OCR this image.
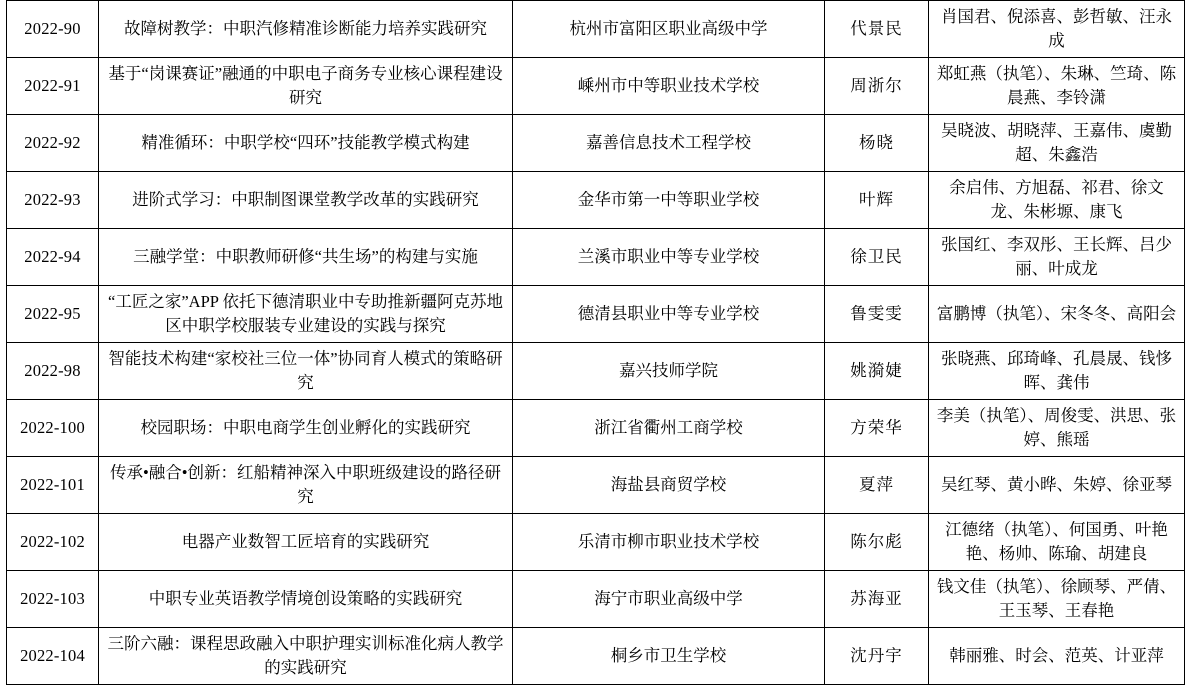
2022-90	故障树教学：中职汽修精准诊断能力培养实践研究	杭州市富阳区职业高级中学	代景民	肖国君、倪添喜、彭哲敏、汪永成
2022-91	基于“岗课赛证”融通的中职电子商务专业核心课程建设研究	嵊州市中等职业技术学校	周浙尔	郑虹燕（执笔）、朱琳、竺琦、陈晨燕、李铃潇
2022-92	精准循环：中职学校“四环”技能教学模式构建	嘉善信息技术工程学校	杨晓	吴晓波、胡晓萍、王嘉伟、虞勤超、朱鑫浩
2022-93	进阶式学习：中职制图课堂教学改革的实践研究	金华市第一中等职业学校	叶辉	余启伟、方旭磊、祁君、徐文龙、朱彬塬、康飞
2022-94	三融学堂：中职教师研修“共生场”的构建与实施	兰溪市职业中等专业学校	徐卫民	张国红、李双彤、王长辉、吕少丽、叶成龙
2022-95	“工匠之家”APP 依托下德清职业中专助推新疆阿克苏地区中职学校服装专业建设的实践与探究	德清县职业中等专业学校	鲁雯雯	富鹏博（执笔）、宋冬冬、高阳会
2022-98	智能技术构建“家校社三位一体”协同育人模式的策略研究	嘉兴技师学院	姚漪婕	张晓燕、邱琦峰、孔晨晟、钱恀晖、龚伟
2022-100	校园职场：中职电商学生创业孵化的实践研究	浙江省衢州工商学校	方荣华	李美（执笔）、周俊雯、洪思、张婷、熊瑶
2022-101	传承•融合•创新：红船精神深入中职班级建设的路径研究	海盐县商贸学校	夏萍	吴红琴、黄小晔、朱婷、徐亚琴
2022-102	电器产业数智工匠培育的实践研究	乐清市柳市职业技术学校	陈尔彪	江德绪（执笔）、何国勇、叶艳艳、杨帅、陈瑜、胡建良
2022-103	中职专业英语教学情境创设策略的实践研究	海宁市职业高级中学	苏海亚	钱文佳（执笔）、徐顾琴、严倩、王玉琴、王春艳
2022-104	三阶六融：课程思政融入中职护理实训标准化病人教学的实践研究	桐乡市卫生学校	沈丹宇	韩丽雅、时会、范英、计亚萍
